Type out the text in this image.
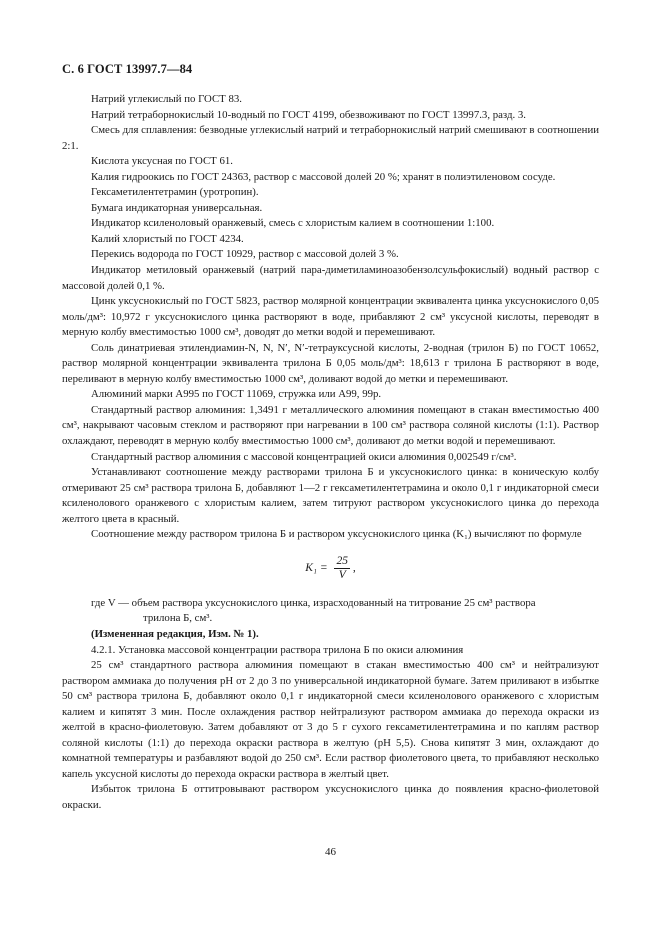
С. 6 ГОСТ 13997.7—84

Натрий углекислый по ГОСТ 83.

Натрий тетраборнокислый 10-водный по ГОСТ 4199, обезвоживают по ГОСТ 13997.3, разд. 3.

Смесь для сплавления: безводные углекислый натрий и тетраборнокислый натрий смешивают в соотношении 2:1.

Кислота уксусная по ГОСТ 61.

Калия гидроокись по ГОСТ 24363, раствор с массовой долей 20 %; хранят в полиэтиленовом сосуде.

Гексаметилентетрамин (уротропин).

Бумага индикаторная универсальная.

Индикатор ксиленоловый оранжевый, смесь с хлористым калием в соотношении 1:100.

Калий хлористый по ГОСТ 4234.

Перекись водорода по ГОСТ 10929, раствор с массовой долей 3 %.

Индикатор метиловый оранжевый (натрий пара-диметиламиноазобензолсульфокислый) водный раствор с массовой долей 0,1 %.

Цинк уксуснокислый по ГОСТ 5823, раствор молярной концентрации эквивалента цинка уксуснокислого 0,05 моль/дм³: 10,972 г уксуснокислого цинка растворяют в воде, прибавляют 2 см³ уксусной кислоты, переводят в мерную колбу вместимостью 1000 см³, доводят до метки водой и перемешивают.

Соль динатриевая этилендиамин-N, N, N′, N′-тетрауксусной кислоты, 2-водная (трилон Б) по ГОСТ 10652, раствор молярной концентрации эквивалента трилона Б 0,05 моль/дм³: 18,613 г трилона Б растворяют в воде, переливают в мерную колбу вместимостью 1000 см³, доливают водой до метки и перемешивают.

Алюминий марки А995 по ГОСТ 11069, стружка или А99, 99р.

Стандартный раствор алюминия: 1,3491 г металлического алюминия помещают в стакан вместимостью 400 см³, накрывают часовым стеклом и растворяют при нагревании в 100 см³ раствора соляной кислоты (1:1). Раствор охлаждают, переводят в мерную колбу вместимостью 1000 см³, доливают до метки водой и перемешивают.

Стандартный раствор алюминия с массовой концентрацией окиси алюминия 0,002549 г/см³.

Устанавливают соотношение между растворами трилона Б и уксуснокислого цинка: в коническую колбу отмеривают 25 см³ раствора трилона Б, добавляют 1—2 г гексаметилентетрамина и около 0,1 г индикаторной смеси ксиленолового оранжевого с хлористым калием, затем титруют раствором уксуснокислого цинка до перехода желтого цвета в красный.

Соотношение между раствором трилона Б и раствором уксуснокислого цинка (K₁) вычисляют по формуле

$K_1 = \frac{25}{V}$ ,

где V — объем раствора уксуснокислого цинка, израсходованный на титрование 25 см³ раствора
трилона Б, см³.

(Измененная редакция, Изм. № 1).

4.2.1. Установка массовой концентрации раствора трилона Б по окиси алюминия

25 см³ стандартного раствора алюминия помещают в стакан вместимостью 400 см³ и нейтрализуют раствором аммиака до получения рН от 2 до 3 по универсальной индикаторной бумаге. Затем приливают в избытке 50 см³ раствора трилона Б, добавляют около 0,1 г индикаторной смеси ксиленолового оранжевого с хлористым калием и кипятят 3 мин. После охлаждения раствор нейтрализуют раствором аммиака до перехода окраски из желтой в красно-фиолетовую. Затем добавляют от 3 до 5 г сухого гексаметилентетрамина и по каплям раствор соляной кислоты (1:1) до перехода окраски раствора в желтую (рН 5,5). Снова кипятят 3 мин, охлаждают до комнатной температуры и разбавляют водой до 250 см³. Если раствор фиолетового цвета, то прибавляют несколько капель уксусной кислоты до перехода окраски раствора в желтый цвет.

Избыток трилона Б оттитровывают раствором уксуснокислого цинка до появления красно-фиолетовой окраски.

46
